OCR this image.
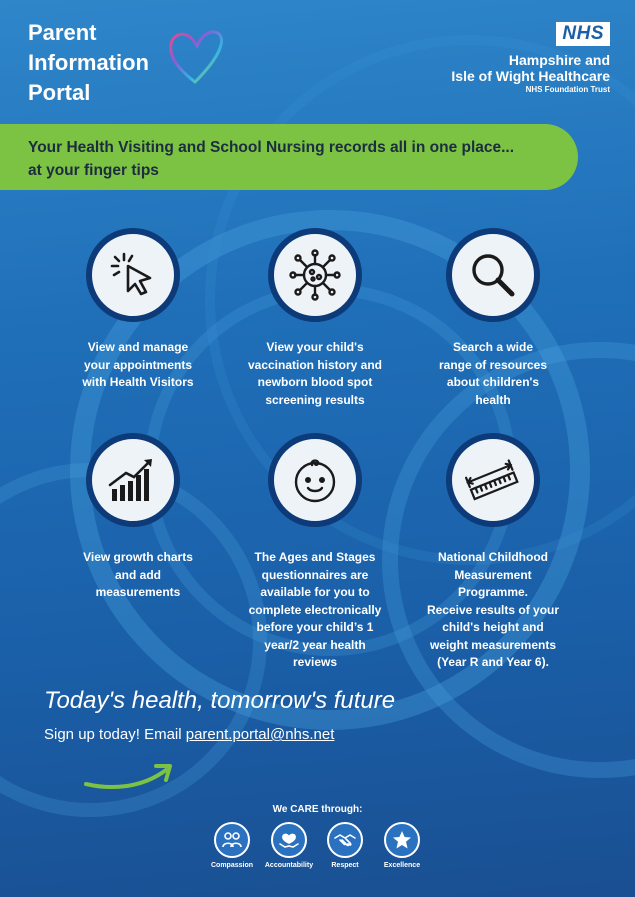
Parent
Information
Portal
NHS
Hampshire and
Isle of Wight Healthcare
NHS Foundation Trust
Your Health Visiting and School Nursing records all in one place...
at your finger tips
View and manage
your appointments
with Health Visitors
View your child's
vaccination history and
newborn blood spot
screening results
Search a wide
range of resources
about children's
health
View growth charts
and add
measurements
The Ages and Stages
questionnaires are
available for you to
complete electronically
before your child’s 1
year/2 year health
reviews
National Childhood
Measurement
Programme.
Receive results of your
child's height and
weight measurements
(Year R and Year 6).
Today's health, tomorrow's future
Sign up today! Email parent.portal@nhs.net
We CARE through:
Compassion	Accountability	Respect	Excellence
